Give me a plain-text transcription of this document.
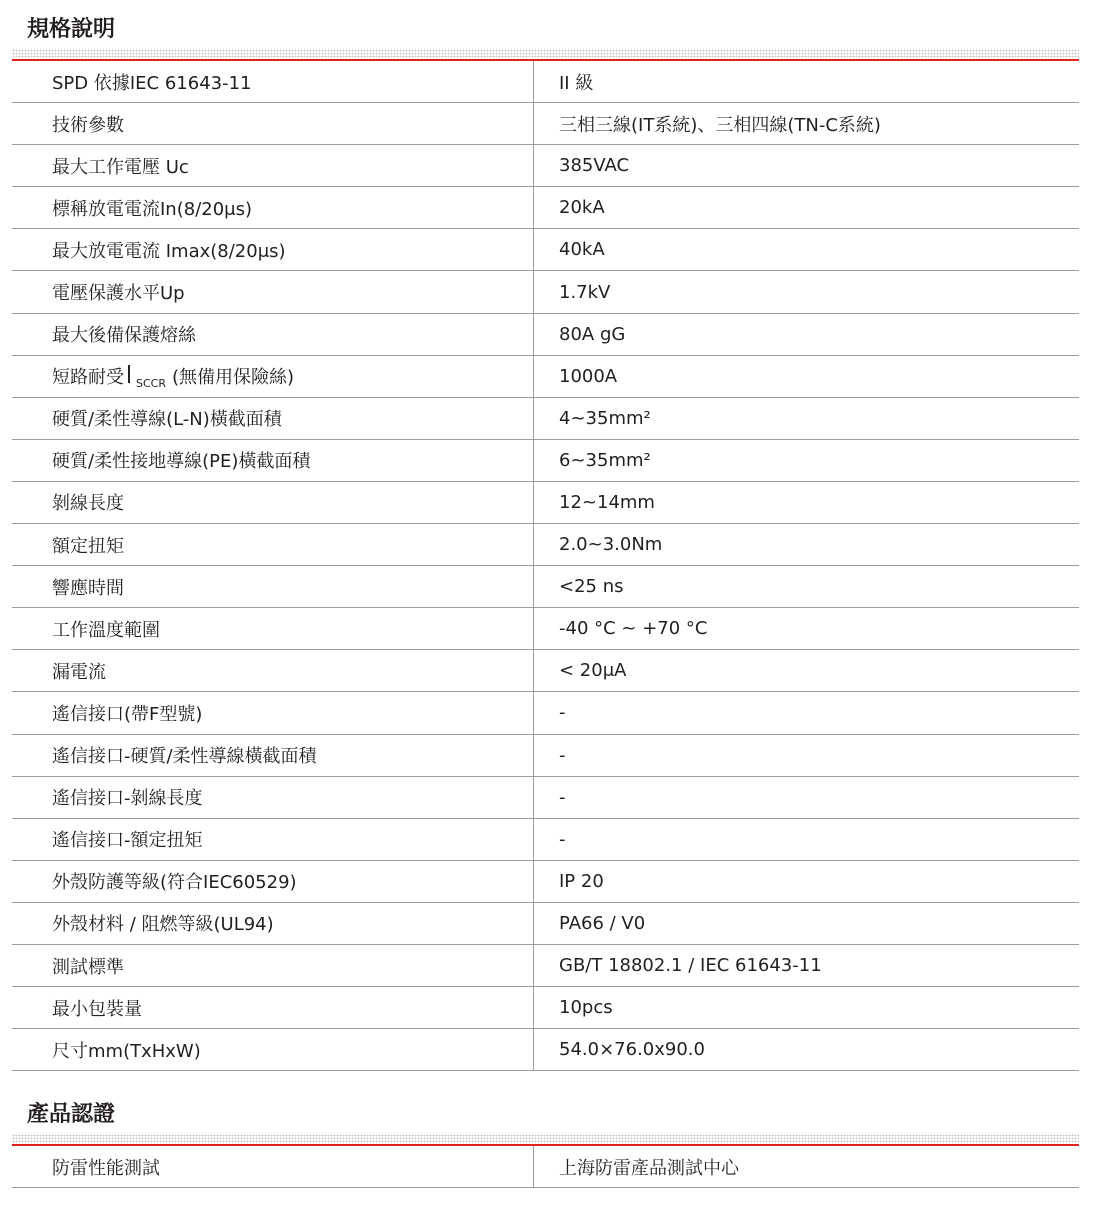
規格說明
SPD 依據IEC 61643-11	II 級
技術參數	三相三線(IT系統)、三相四線(TN-C系統)
最大工作電壓 Uc	385VAC
標稱放電電流In(8/20μs)	20kA
最大放電電流 Imax(8/20μs)	40kA
電壓保護水平Up	1.7kV
最大後備保護熔絲	80A gG
短路耐受 SCCR (無備用保險絲)	1000A
硬質/柔性導線(L-N)橫截面積	4~35mm²
硬質/柔性接地導線(PE)橫截面積	6~35mm²
剝線長度	12~14mm
額定扭矩	2.0~3.0Nm
響應時間	<25 ns
工作溫度範圍	-40 °C ~ +70 °C
漏電流	< 20μA
遙信接口(帶F型號)	-
遙信接口-硬質/柔性導線橫截面積	-
遙信接口-剝線長度	-
遙信接口-額定扭矩	-
外殼防護等級(符合IEC60529)	IP 20
外殼材料 / 阻燃等級(UL94)	PA66 / V0
測試標準	GB/T 18802.1 / IEC 61643-11
最小包裝量	10pcs
尺寸mm(TxHxW)	54.0×76.0x90.0
產品認證
防雷性能測試	上海防雷產品測試中心
